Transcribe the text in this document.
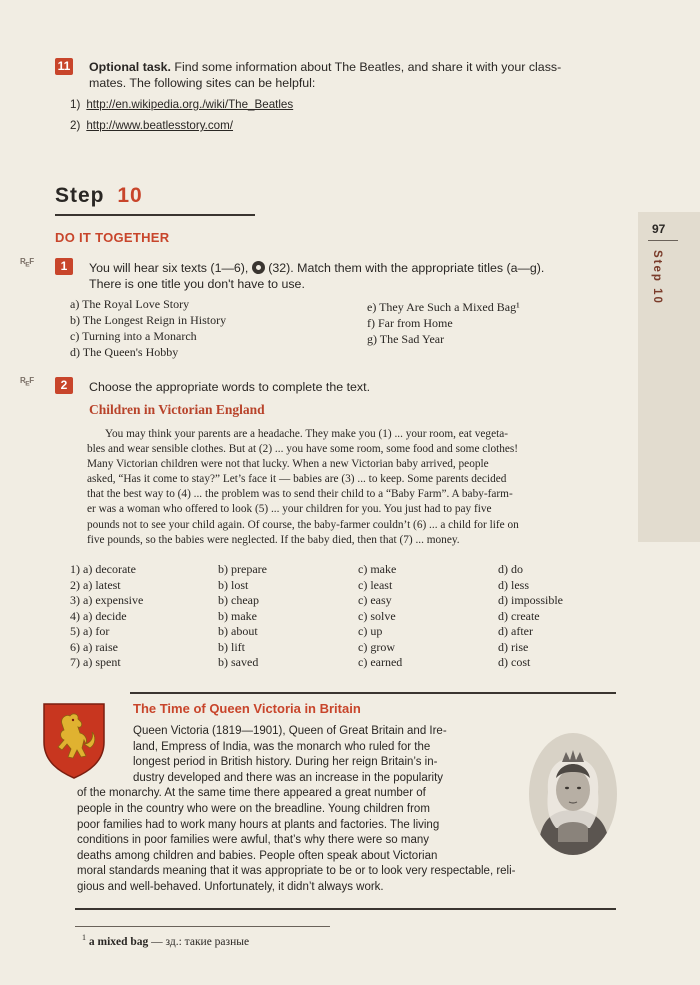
11 Optional task. Find some information about The Beatles, and share it with your class-
mates. The following sites can be helpful:
1) http://en.wikipedia.org./wiki/The_Beatles
2) http://www.beatlesstory.com/
Step 10
97
Step 10
DO IT TOGETHER
$R_EF$	1	You will hear six texts (1—6), (32). Match them with the appropriate titles (a—g).
There is one title you don't have to use.
a) The Royal Love Story
b) The Longest Reign in History
c) Turning into a Monarch
d) The Queen's Hobby
e) They Are Such a Mixed Bag¹
f) Far from Home
g) The Sad Year
$R_EF$	2	Choose the appropriate words to complete the text.
Children in Victorian England
You may think your parents are a headache. They make you (1) ... your room, eat vegeta-
bles and wear sensible clothes. But at (2) ... you have some room, some food and some clothes!
Many Victorian children were not that lucky. When a new Victorian baby arrived, people
asked, “Has it come to stay?” Let’s face it — babies are (3) ... to keep. Some parents decided
that the best way to (4) ... the problem was to send their child to a “Baby Farm”. A baby-farm-
er was a woman who offered to look (5) ... your children for you. You just had to pay five
pounds not to see your child again. Of course, the baby-farmer couldn’t (6) ... a child for life on
five pounds, so the babies were neglected. If the baby died, then that (7) ... money.
1) a) decorate	b) prepare	c) make	d) do
2) a) latest	b) lost	c) least	d) less
3) a) expensive	b) cheap	c) easy	d) impossible
4) a) decide	b) make	c) solve	d) create
5) a) for	b) about	c) up	d) after
6) a) raise	b) lift	c) grow	d) rise
7) a) spent	b) saved	c) earned	d) cost
The Time of Queen Victoria in Britain
Queen Victoria (1819—1901), Queen of Great Britain and Ire-
land, Empress of India, was the monarch who ruled for the
longest period in British history. During her reign Britain’s in-
dustry developed and there was an increase in the popularity
of the monarchy. At the same time there appeared a great number of
people in the country who were on the breadline. Young children from
poor families had to work many hours at plants and factories. The living
conditions in poor families were awful, that’s why there were so many
deaths among children and babies. People often speak about Victorian
moral standards meaning that it was appropriate to be or to look very respectable, reli-
gious and well-behaved. Unfortunately, it didn’t always work.
$^1$ a mixed bag — зд.: такие разные
